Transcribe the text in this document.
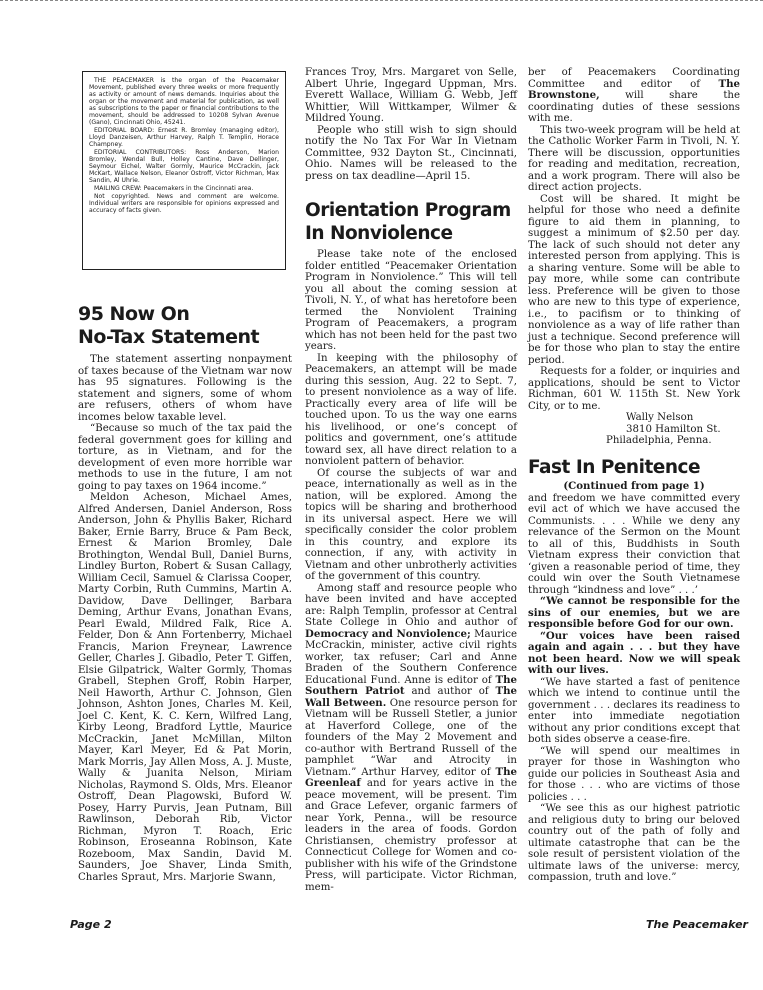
THE PEACEMAKER is the organ of the Peacemaker Movement, published every three weeks or more frequently as activity or amount of news demands. Inquiries about the organ or the movement and material for publication, as well as subscriptions to the paper or financial contributions to the movement, should be addressed to 10208 Sylvan Avenue (Gano), Cincinnati Ohio, 45241.

EDITORIAL BOARD: Ernest R. Bromley (managing editor), Lloyd Danzeisen, Arthur Harvey, Ralph T. Templin, Horace Champney.

EDITORIAL CONTRIBUTORS: Ross Anderson, Marion Bromley, Wendal Bull, Holley Cantine, Dave Dellinger, Seymour Eichel, Walter Gormly, Maurice McCrackin, Jack McKart, Wallace Nelson, Eleanor Ostroff, Victor Richman, Max Sandin, Al Uhrie.

MAILING CREW: Peacemakers in the Cincinnati area.

Not copyrighted. News and comment are welcome. Individual writers are responsible for opinions expressed and accuracy of facts given.

95 Now On
No-Tax Statement

The statement asserting nonpayment of taxes because of the Vietnam war now has 95 signatures. Following is the statement and signers, some of whom are refusers, others of whom have incomes below taxable level.

“Because so much of the tax paid the federal government goes for killing and torture, as in Vietnam, and for the development of even more horrible war methods to use in the future, I am not going to pay taxes on 1964 income.”

Meldon Acheson, Michael Ames, Alfred Andersen, Daniel Anderson, Ross Anderson, John & Phyllis Baker, Richard Baker, Ernie Barry, Bruce & Pam Beck, Ernest & Marion Bromley, Dale Brothington, Wendal Bull, Daniel Burns, Lindley Burton, Robert & Susan Callagy, William Cecil, Samuel & Clarissa Cooper, Marty Corbin, Ruth Cummins, Martin A. Davidow, Dave Dellinger, Barbara Deming, Arthur Evans, Jonathan Evans, Pearl Ewald, Mildred Falk, Rice A. Felder, Don & Ann Fortenberry, Michael Francis, Marion Freynear, Lawrence Geller, Charles J. Gibadlo, Peter T. Giffen, Elsie Gilpatrick, Walter Gormly, Thomas Grabell, Stephen Groff, Robin Harper, Neil Haworth, Arthur C. Johnson, Glen Johnson, Ashton Jones, Charles M. Keil, Joel C. Kent, K. C. Kern, Wilfred Lang, Kirby Leong, Bradford Lyttle, Maurice McCrackin, Janet McMillan, Milton Mayer, Karl Meyer, Ed & Pat Morin, Mark Morris, Jay Allen Moss, A. J. Muste, Wally & Juanita Nelson, Miriam Nicholas, Raymond S. Olds, Mrs. Eleanor Ostroff, Dean Plagowski, Buford W. Posey, Harry Purvis, Jean Putnam, Bill Rawlinson, Deborah Rib, Victor Richman, Myron T. Roach, Eric Robinson, Eroseanna Robinson, Kate Rozeboom, Max Sandin, David M. Saunders, Joe Shaver, Linda Smith, Charles Spraut, Mrs. Marjorie Swann,

Frances Troy, Mrs. Margaret von Selle, Albert Uhrie, Ingegard Uppman, Mrs. Everett Wallace, William G. Webb, Jeff Whittier, Will Wittkamper, Wilmer & Mildred Young.

People who still wish to sign should notify the No Tax For War In Vietnam Committee, 932 Dayton St., Cincinnati, Ohio. Names will be released to the press on tax deadline—April 15.

Orientation Program
In Nonviolence

Please take note of the enclosed folder entitled “Peacemaker Orientation Program in Nonviolence.” This will tell you all about the coming session at Tivoli, N. Y., of what has heretofore been termed the Nonviolent Training Program of Peacemakers, a program which has not been held for the past two years.

In keeping with the philosophy of Peacemakers, an attempt will be made during this session, Aug. 22 to Sept. 7, to present nonviolence as a way of life. Practically every area of life will be touched upon. To us the way one earns his livelihood, or one’s concept of politics and government, one’s attitude toward sex, all have direct relation to a nonviolent pattern of behavior.

Of course the subjects of war and peace, internationally as well as in the nation, will be explored. Among the topics will be sharing and brotherhood in its universal aspect. Here we will specifically consider the color problem in this country, and explore its connection, if any, with activity in Vietnam and other unbrotherly activities of the government of this country.

Among staff and resource people who have been invited and have accepted are: Ralph Templin, professor at Central State College in Ohio and author of Democracy and Nonviolence; Maurice McCrackin, minister, active civil rights worker, tax refuser; Carl and Anne Braden of the Southern Conference Educational Fund. Anne is editor of The Southern Patriot and author of The Wall Between. One resource person for Vietnam will be Russell Stetler, a junior at Haverford College, one of the founders of the May 2 Movement and co-author with Bertrand Russell of the pamphlet “War and Atrocity in Vietnam.” Arthur Harvey, editor of The Greenleaf and for years active in the peace movement, will be present. Tim and Grace Lefever, organic farmers of near York, Penna., will be resource leaders in the area of foods. Gordon Christiansen, chemistry professor at Connecticut College for Women and co-publisher with his wife of the Grindstone Press, will participate. Victor Richman, mem-

ber of Peacemakers Coordinating Committee and editor of The Brownstone, will share the coordinating duties of these sessions with me.

This two-week program will be held at the Catholic Worker Farm in Tivoli, N. Y. There will be discussion, opportunities for reading and meditation, recreation, and a work program. There will also be direct action projects.

Cost will be shared. It might be helpful for those who need a definite figure to aid them in planning, to suggest a minimum of $2.50 per day. The lack of such should not deter any interested person from applying. This is a sharing venture. Some will be able to pay more, while some can contribute less. Preference will be given to those who are new to this type of experience, i.e., to pacifism or to thinking of nonviolence as a way of life rather than just a technique. Second preference will be for those who plan to stay the entire period.

Requests for a folder, or inquiries and applications, should be sent to Victor Richman, 601 W. 115th St. New York City, or to me.

Wally Nelson

3810 Hamilton St.

Philadelphia, Penna.

Fast In Penitence

(Continued from page 1)

and freedom we have committed every evil act of which we have accused the Communists. . . . While we deny any relevance of the Sermon on the Mount to all of this, Buddhists in South Vietnam express their conviction that ‘given a reasonable period of time, they could win over the South Vietnamese through “kindness and love” . . .’

“We cannot be responsible for the sins of our enemies, but we are responsible before God for our own.

“Our voices have been raised again and again . . . but they have not been heard. Now we will speak with our lives.

“We have started a fast of penitence which we intend to continue until the government . . . declares its readiness to enter into immediate negotiation without any prior conditions except that both sides observe a cease-fire.

“We will spend our mealtimes in prayer for those in Washington who guide our policies in Southeast Asia and for those . . . who are victims of those policies . . .

“We see this as our highest patriotic and religious duty to bring our beloved country out of the path of folly and ultimate catastrophe that can be the sole result of persistent violation of the ultimate laws of the universe: mercy, compassion, truth and love.”

Page 2	The Peacemaker
